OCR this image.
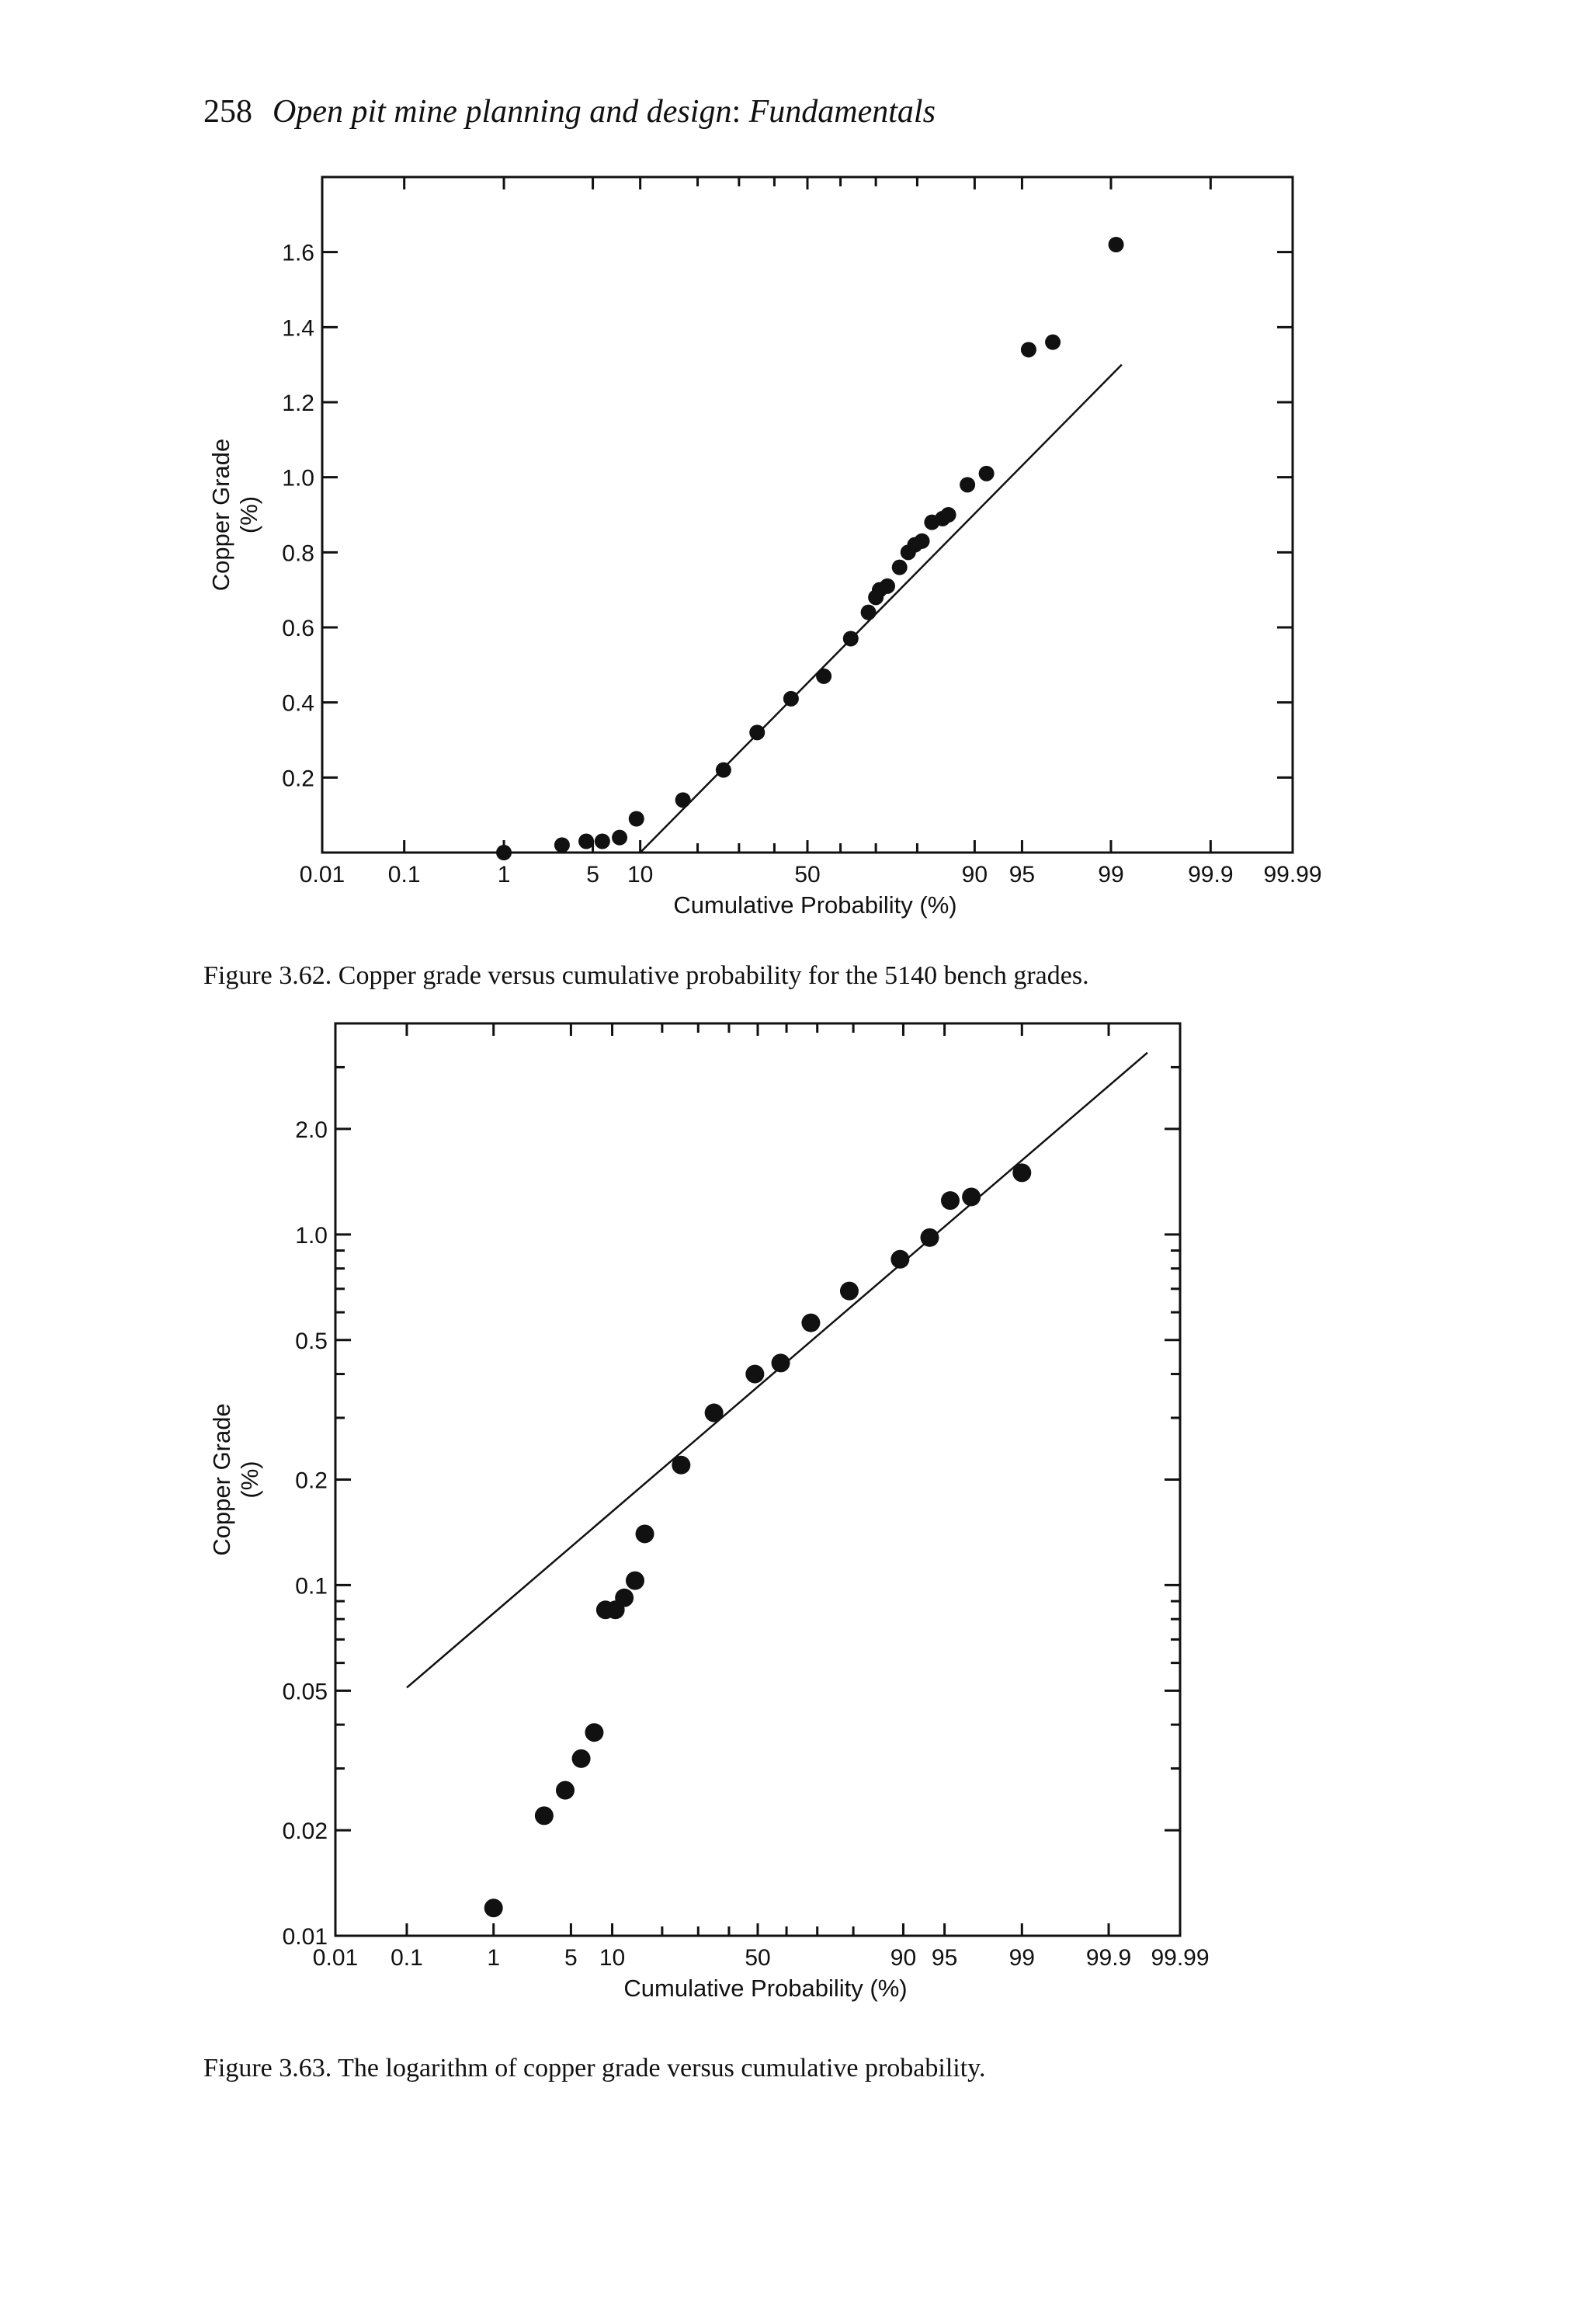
258 Open pit mine planning and design: Fundamentals
0.01 0.1	1	5 10	50	90 95	99	99.9 99.99
0.2
0.4
0.6
0.8
1.0
1.2
1.4
1.6
Cumulative Probability (%)
Copper Grade (%)
Figure 3.62. Copper grade versus cumulative probability for the 5140 bench grades.
0.01 0.1	1	5 10	50	90 95 99 99.9 99.99
0.01
0.02
0.05
0.1
0.2
0.5
1.0
2.0
Cumulative Probability (%)
Copper Grade (%)
Figure 3.63. The logarithm of copper grade versus cumulative probability.
